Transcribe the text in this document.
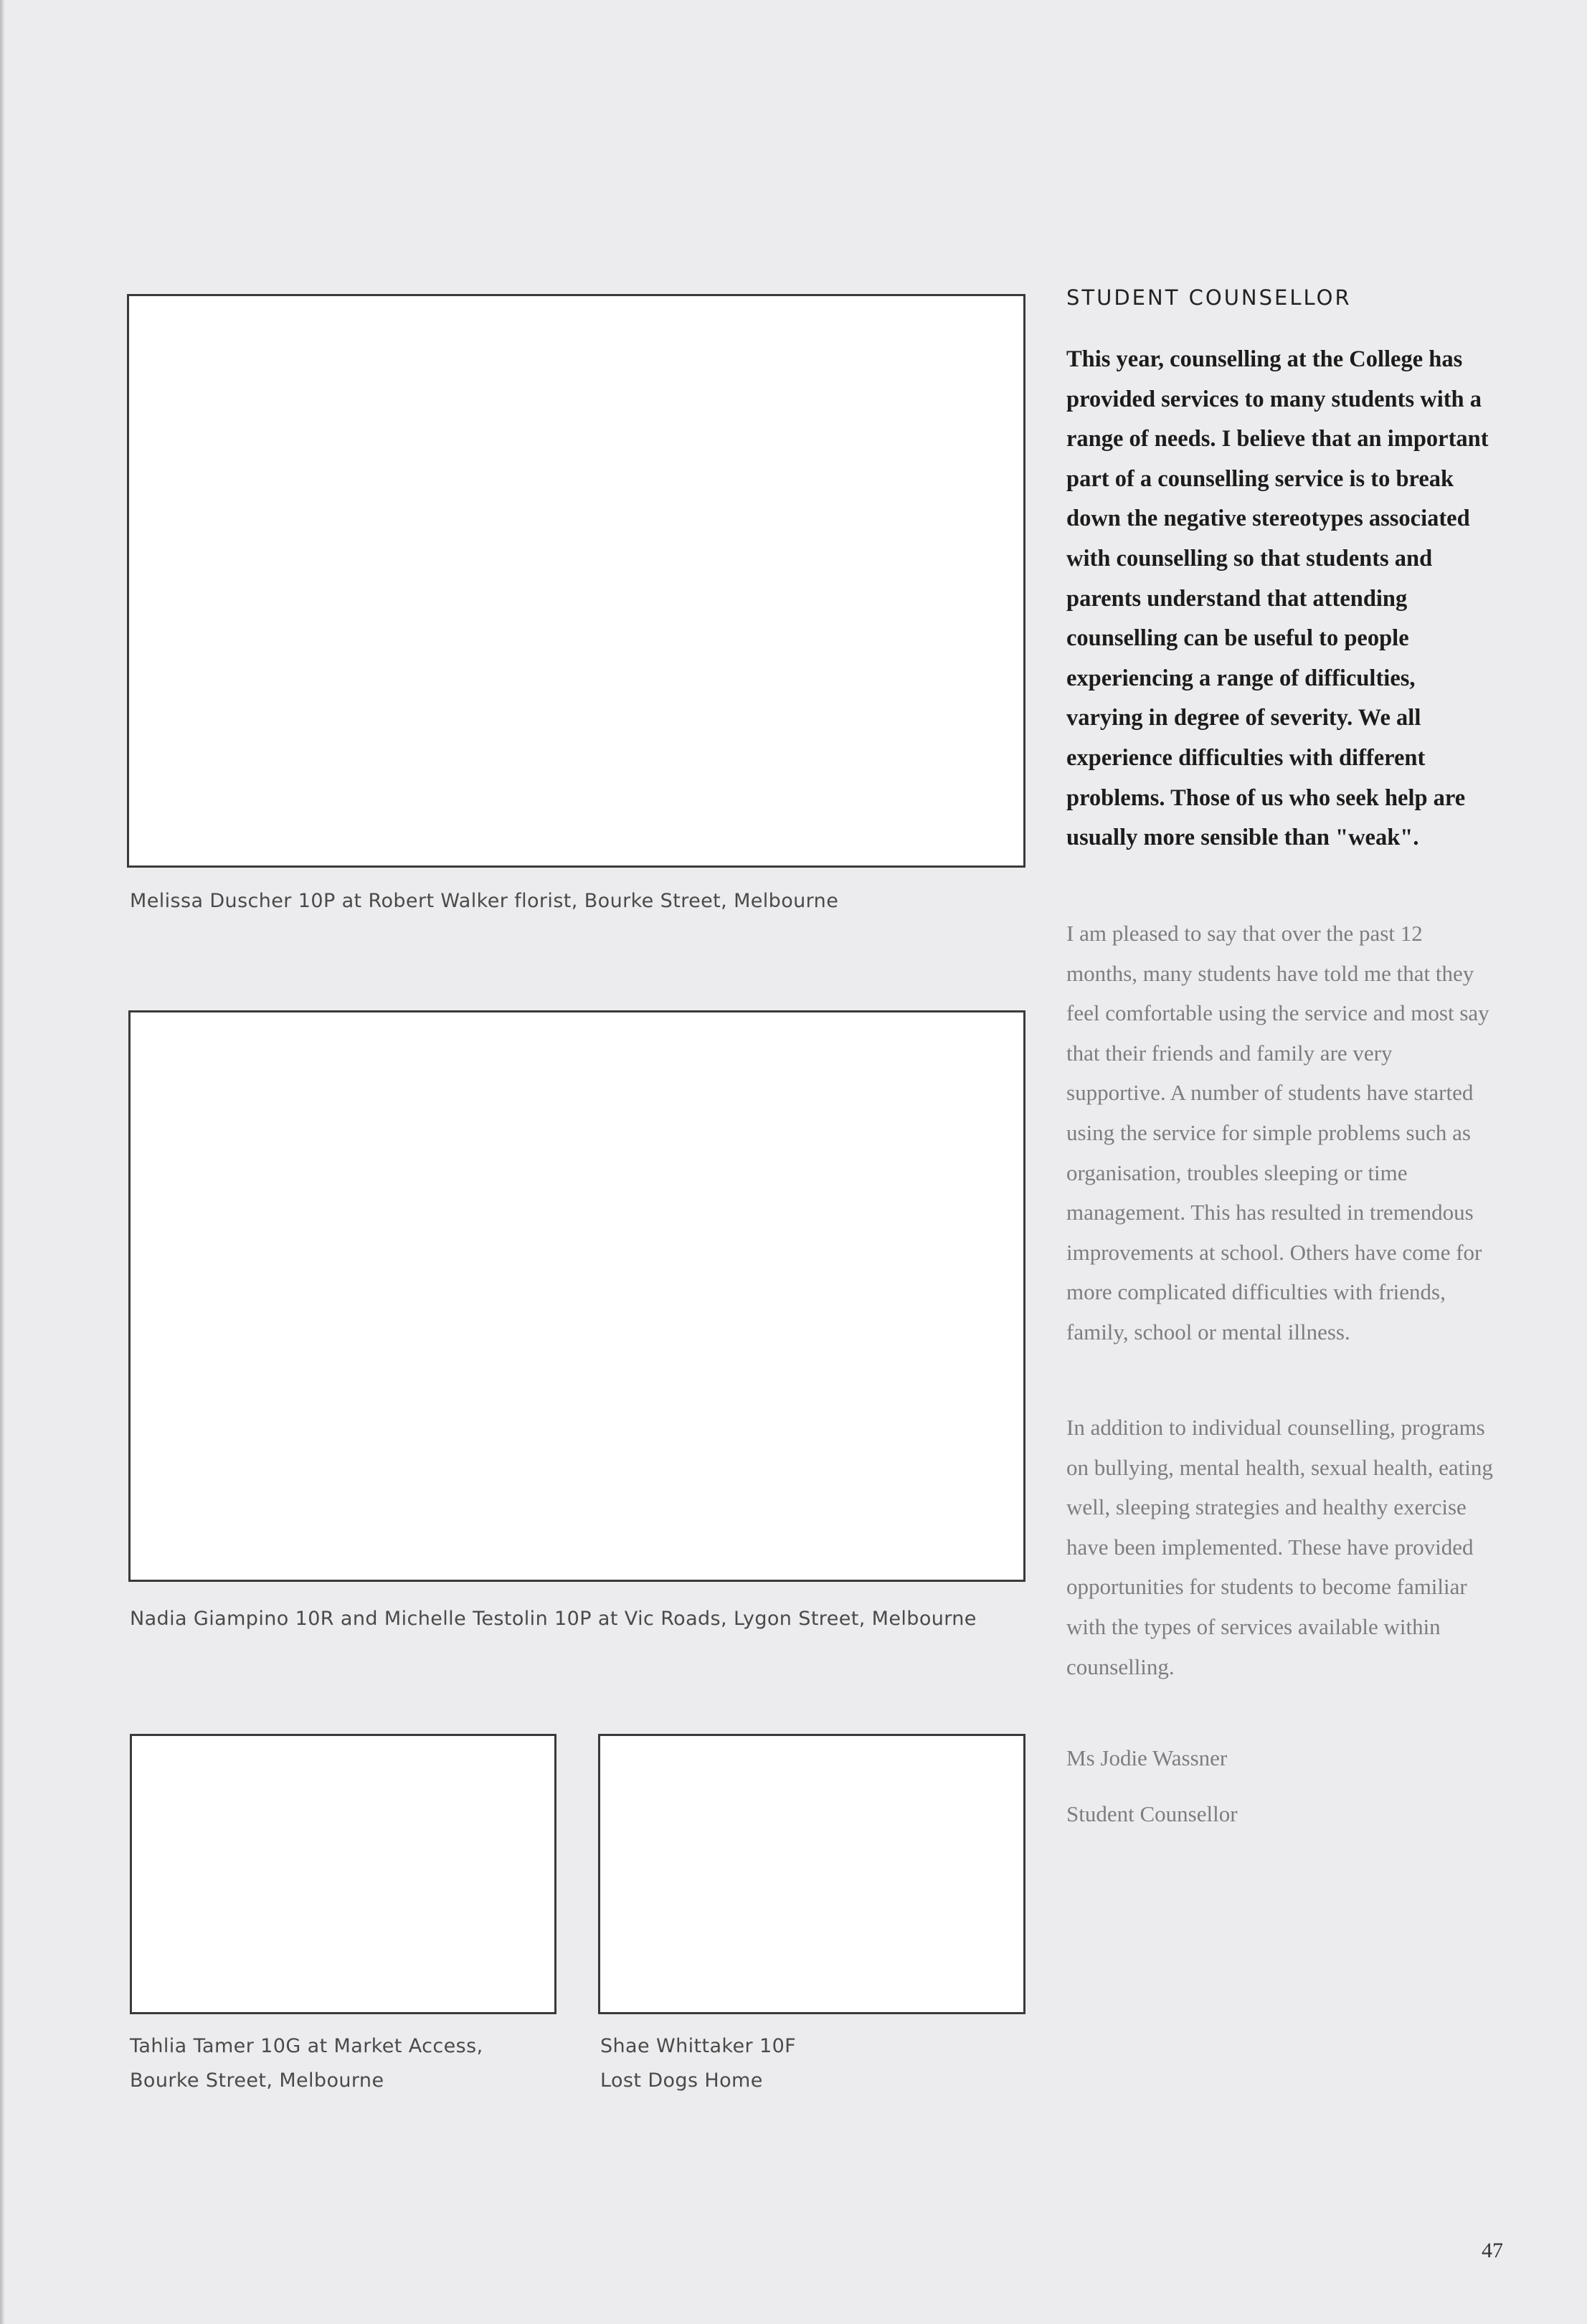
Melissa Duscher 10P at Robert Walker florist, Bourke Street, Melbourne
Nadia Giampino 10R and Michelle Testolin 10P at Vic Roads, Lygon Street, Melbourne
Tahlia Tamer 10G at Market Access,
Bourke Street, Melbourne
Shae Whittaker 10F
Lost Dogs Home
STUDENT COUNSELLOR

This year, counselling at the College has provided services to many students with a range of needs. I believe that an important part of a counselling service is to break down the negative stereotypes associated with counselling so that students and parents understand that attending counselling can be useful to people experiencing a range of difficulties, varying in degree of severity. We all experience difficulties with different problems. Those of us who seek help are usually more sensible than "weak".

I am pleased to say that over the past 12 months, many students have told me that they feel comfortable using the service and most say that their friends and family are very supportive. A number of students have started using the service for simple problems such as organisation, troubles sleeping or time management. This has resulted in tremendous improvements at school. Others have come for more complicated difficulties with friends, family, school or mental illness.

In addition to individual counselling, programs on bullying, mental health, sexual health, eating well, sleeping strategies and healthy exercise have been implemented. These have provided opportunities for students to become familiar with the types of services available within counselling.

Ms Jodie Wassner

Student Counsellor

47
